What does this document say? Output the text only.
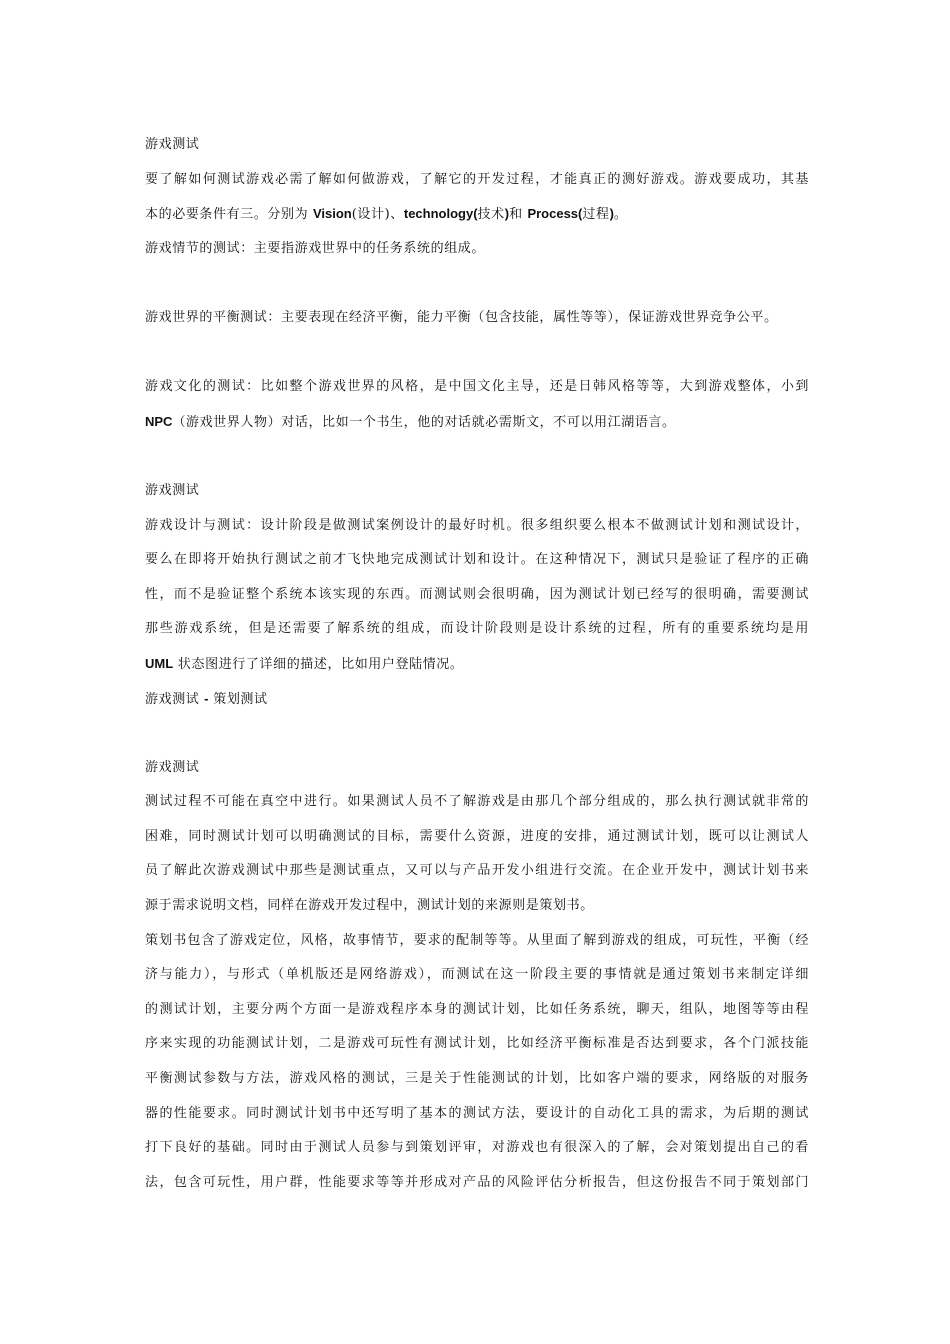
游戏测试
要了解如何测试游戏必需了解如何做游戏，了解它的开发过程，才能真正的测好游戏。游戏要成功，其基
本的必要条件有三。分别为 Vision(设计)、technology(技术)和 Process(过程)。
游戏情节的测试：主要指游戏世界中的任务系统的组成。
游戏世界的平衡测试：主要表现在经济平衡，能力平衡（包含技能，属性等等），保证游戏世界竞争公平。
游戏文化的测试：比如整个游戏世界的风格，是中国文化主导，还是日韩风格等等，大到游戏整体，小到
NPC（游戏世界人物）对话，比如一个书生，他的对话就必需斯文，不可以用江湖语言。
游戏测试
游戏设计与测试：设计阶段是做测试案例设计的最好时机。很多组织要么根本不做测试计划和测试设计，
要么在即将开始执行测试之前才飞快地完成测试计划和设计。在这种情况下，测试只是验证了程序的正确
性，而不是验证整个系统本该实现的东西。而测试则会很明确，因为测试计划已经写的很明确，需要测试
那些游戏系统，但是还需要了解系统的组成，而设计阶段则是设计系统的过程，所有的重要系统均是用
UML 状态图进行了详细的描述，比如用户登陆情况。
游戏测试 - 策划测试
游戏测试
测试过程不可能在真空中进行。如果测试人员不了解游戏是由那几个部分组成的，那么执行测试就非常的
困难，同时测试计划可以明确测试的目标，需要什么资源，进度的安排，通过测试计划，既可以让测试人
员了解此次游戏测试中那些是测试重点，又可以与产品开发小组进行交流。在企业开发中，测试计划书来
源于需求说明文档，同样在游戏开发过程中，测试计划的来源则是策划书。
策划书包含了游戏定位，风格，故事情节，要求的配制等等。从里面了解到游戏的组成，可玩性，平衡（经
济与能力），与形式（单机版还是网络游戏），而测试在这一阶段主要的事情就是通过策划书来制定详细
的测试计划，主要分两个方面一是游戏程序本身的测试计划，比如任务系统，聊天，组队，地图等等由程
序来实现的功能测试计划，二是游戏可玩性有测试计划，比如经济平衡标准是否达到要求，各个门派技能
平衡测试参数与方法，游戏风格的测试，三是关于性能测试的计划，比如客户端的要求，网络版的对服务
器的性能要求。同时测试计划书中还写明了基本的测试方法，要设计的自动化工具的需求，为后期的测试
打下良好的基础。同时由于测试人员参与到策划评审，对游戏也有很深入的了解，会对策划提出自己的看
法，包含可玩性，用户群，性能要求等等并形成对产品的风险评估分析报告，但这份报告不同于策划部门
